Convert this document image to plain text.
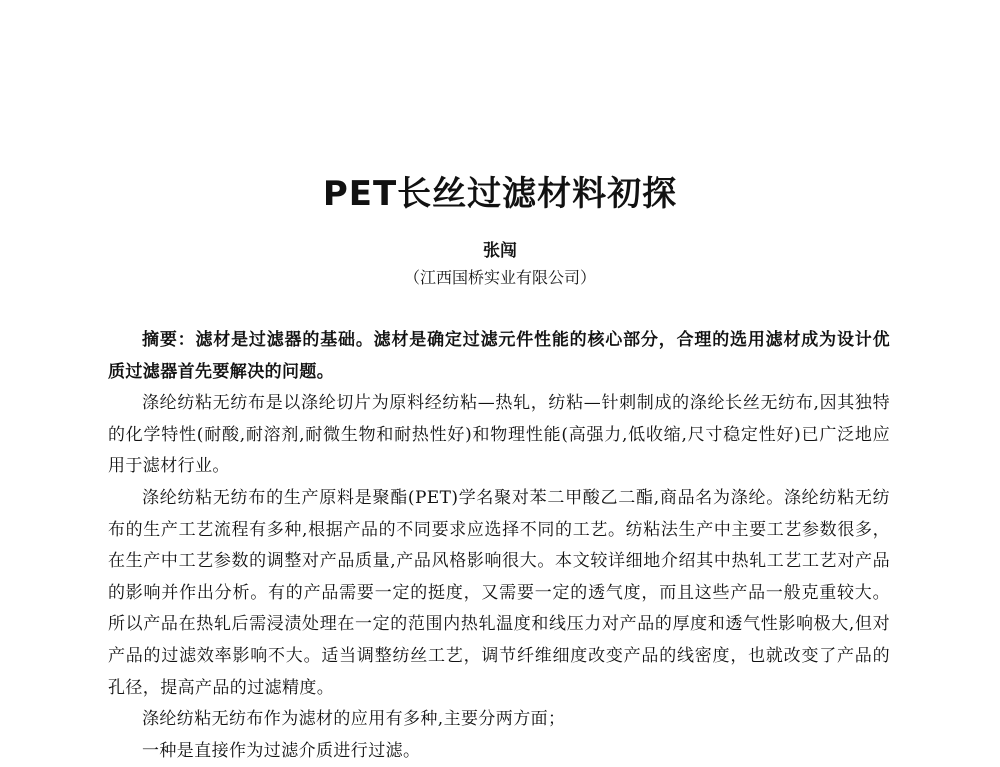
PET长丝过滤材料初探
张闯
（江西国桥实业有限公司）

摘要：滤材是过滤器的基础。滤材是确定过滤元件性能的核心部分，合理的选用滤材成为设计优质过滤器首先要解决的问题。

涤纶纺粘无纺布是以涤纶切片为原料经纺粘—热轧，纺粘—针刺制成的涤纶长丝无纺布,因其独特的化学特性(耐酸,耐溶剂,耐微生物和耐热性好)和物理性能(高强力,低收缩,尺寸稳定性好)已广泛地应用于滤材行业。

涤纶纺粘无纺布的生产原料是聚酯(PET)学名聚对苯二甲酸乙二酯,商品名为涤纶。涤纶纺粘无纺布的生产工艺流程有多种,根据产品的不同要求应选择不同的工艺。纺粘法生产中主要工艺参数很多，在生产中工艺参数的调整对产品质量,产品风格影响很大。本文较详细地介绍其中热轧工艺工艺对产品的影响并作出分析。有的产品需要一定的挺度，又需要一定的透气度，而且这些产品一般克重较大。所以产品在热轧后需浸渍处理在一定的范围内热轧温度和线压力对产品的厚度和透气性影响极大,但对产品的过滤效率影响不大。适当调整纺丝工艺，调节纤维细度改变产品的线密度，也就改变了产品的孔径，提高产品的过滤精度。

涤纶纺粘无纺布作为滤材的应用有多种,主要分两方面；

一种是直接作为过滤介质进行过滤。
